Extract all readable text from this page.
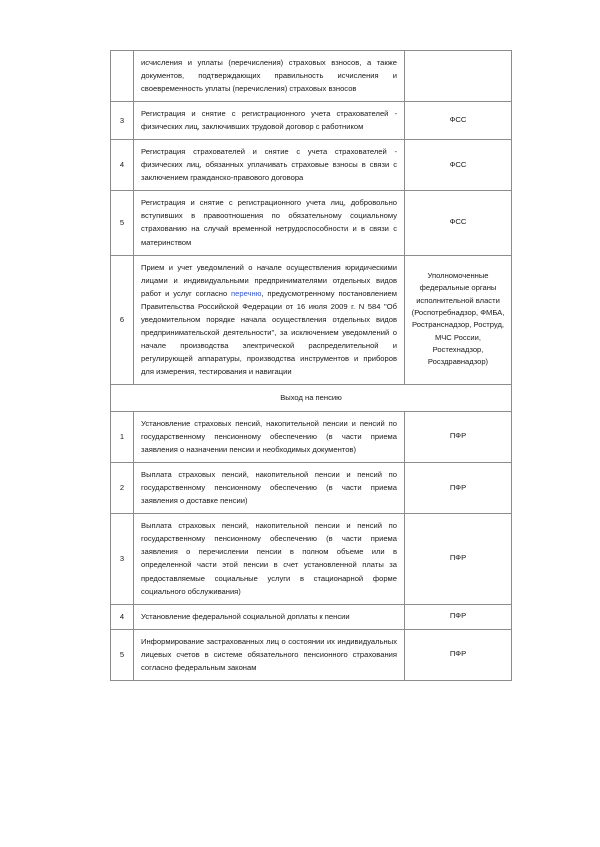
	исчисления и уплаты (перечисления) страховых взносов, а также документов, подтверждающих правильность исчисления и своевременность уплаты (перечисления) страховых взносов	
3	Регистрация и снятие с регистрационного учета страхователей - физических лиц, заключивших трудовой договор с работником	ФСС
4	Регистрация страхователей и снятие с учета страхователей - физических лиц, обязанных уплачивать страховые взносы в связи с заключением гражданско-правового договора	ФСС
5	Регистрация и снятие с регистрационного учета лиц, добровольно вступивших в правоотношения по обязательному социальному страхованию на случай временной нетрудоспособности и в связи с материнством	ФСС
6	Прием и учет уведомлений о начале осуществления юридическими лицами и индивидуальными предпринимателями отдельных видов работ и услуг согласно перечню, предусмотренному постановлением Правительства Российской Федерации от 16 июля 2009 г. N 584 "Об уведомительном порядке начала осуществления отдельных видов предпринимательской деятельности", за исключением уведомлений о начале производства электрической распределительной и регулирующей аппаратуры, производства инструментов и приборов для измерения, тестирования и навигации	Уполномоченные федеральные органы исполнительной власти (Роспотребнадзор, ФМБА, Ространснадзор, Роструд, МЧС России, Ростехнадзор, Росздравнадзор)
Выход на пенсию		
1	Установление страховых пенсий, накопительной пенсии и пенсий по государственному пенсионному обеспечению (в части приема заявления о назначении пенсии и необходимых документов)	ПФР
2	Выплата страховых пенсий, накопительной пенсии и пенсий по государственному пенсионному обеспечению (в части приема заявления о доставке пенсии)	ПФР
3	Выплата страховых пенсий, накопительной пенсии и пенсий по государственному пенсионному обеспечению (в части приема заявления о перечислении пенсии в полном объеме или в определенной части этой пенсии в счет установленной платы за предоставляемые социальные услуги в стационарной форме социального обслуживания)	ПФР
4	Установление федеральной социальной доплаты к пенсии	ПФР
5	Информирование застрахованных лиц о состоянии их индивидуальных лицевых счетов в системе обязательного пенсионного страхования согласно федеральным законам	ПФР
